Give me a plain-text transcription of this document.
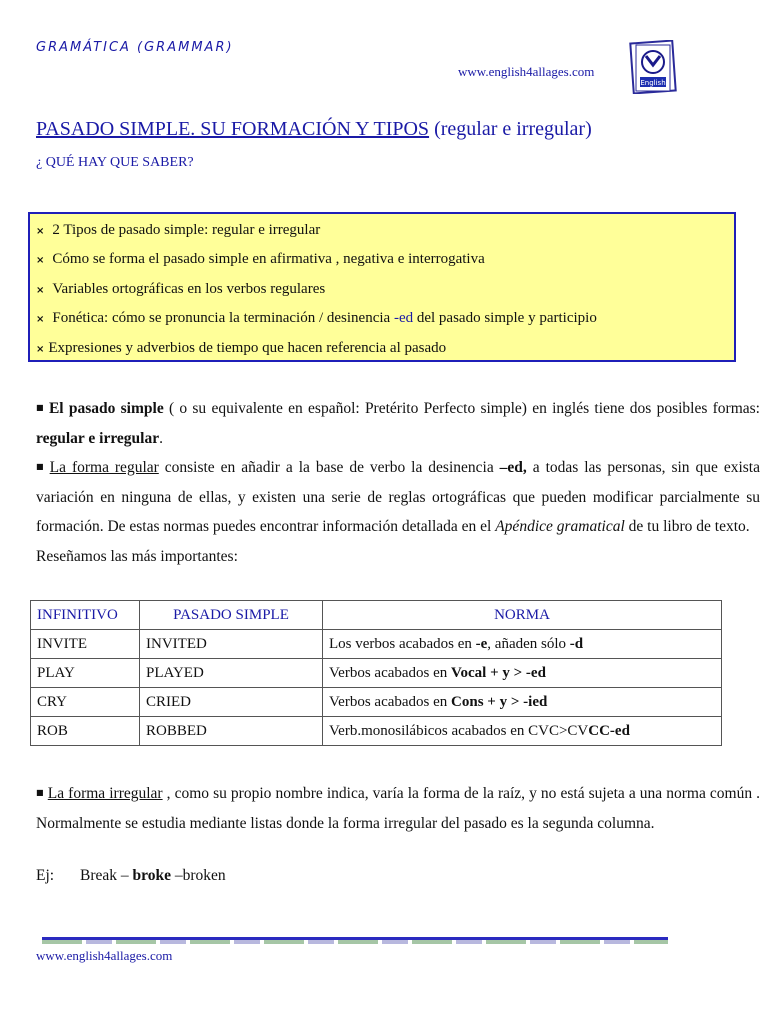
GRAMÁTICA (GRAMMAR)
www.english4allages.com
English
PASADO SIMPLE. SU FORMACIÓN Y TIPOS (regular e irregular)
¿ QUÉ HAY QUE SABER?
× 2 Tipos de pasado simple: regular e irregular
× Cómo se forma el pasado simple en afirmativa , negativa e interrogativa
× Variables ortográficas en los verbos regulares
× Fonética: cómo se pronuncia la terminación / desinencia -ed del pasado simple y participio
× Expresiones y adverbios de tiempo que hacen referencia al pasado
■ El pasado simple ( o su equivalente en español: Pretérito Perfecto simple) en inglés tiene dos posibles formas: regular e irregular.
■ La forma regular consiste en añadir a la base de verbo la desinencia –ed, a todas las personas, sin que exista variación en ninguna de ellas, y existen una serie de reglas ortográficas que pueden modificar parcialmente su formación. De estas normas puedes encontrar información detallada en el Apéndice gramatical de tu libro de texto.
Reseñamos las más importantes:
INFINITIVO	PASADO SIMPLE	NORMA
INVITE	INVITED	Los verbos acabados en -e, añaden sólo -d
PLAY	PLAYED	Verbos acabados en Vocal + y > -ed
CRY	CRIED	Verbos acabados en Cons + y > -ied
ROB	ROBBED	Verb.monosilábicos acabados en CVC>CVCC-ed
■ La forma irregular , como su propio nombre indica, varía la forma de la raíz, y no está sujeta a una norma común . Normalmente se estudia mediante listas donde la forma irregular del pasado es la segunda columna.
Ej: Break – broke –broken
www.english4allages.com
